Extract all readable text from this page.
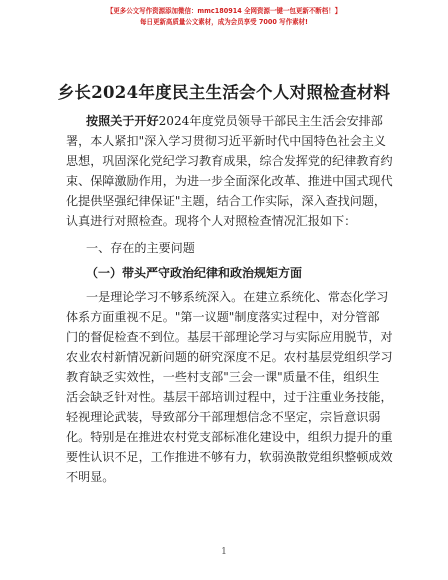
【更多公文写作资源添加微信：mmc180914 全网资源一键一包更新不断档！】
每日更新高质量公文素材，成为会员享受 7000 写作素材!
乡长2024年度民主生活会个人对照检查材料
按照关于开好2024年度党员领导干部民主生活会安排部
署，本人紧扣"深入学习贯彻习近平新时代中国特色社会主义
思想，巩固深化党纪学习教育成果，综合发挥党的纪律教育约
束、保障激励作用，为进一步全面深化改革、推进中国式现代
化提供坚强纪律保证"主题，结合工作实际，深入查找问题，
认真进行对照检查。现将个人对照检查情况汇报如下：
一、存在的主要问题
（一）带头严守政治纪律和政治规矩方面
一是理论学习不够系统深入。在建立系统化、常态化学习
体系方面重视不足。"第一议题"制度落实过程中，对分管部
门的督促检查不到位。基层干部理论学习与实际应用脱节，对
农业农村新情况新问题的研究深度不足。农村基层党组织学习
教育缺乏实效性，一些村支部"三会一课"质量不佳，组织生
活会缺乏针对性。基层干部培训过程中，过于注重业务技能，
轻视理论武装，导致部分干部理想信念不坚定，宗旨意识弱
化。特别是在推进农村党支部标准化建设中，组织力提升的重
要性认识不足，工作推进不够有力，软弱涣散党组织整顿成效
不明显。
1
